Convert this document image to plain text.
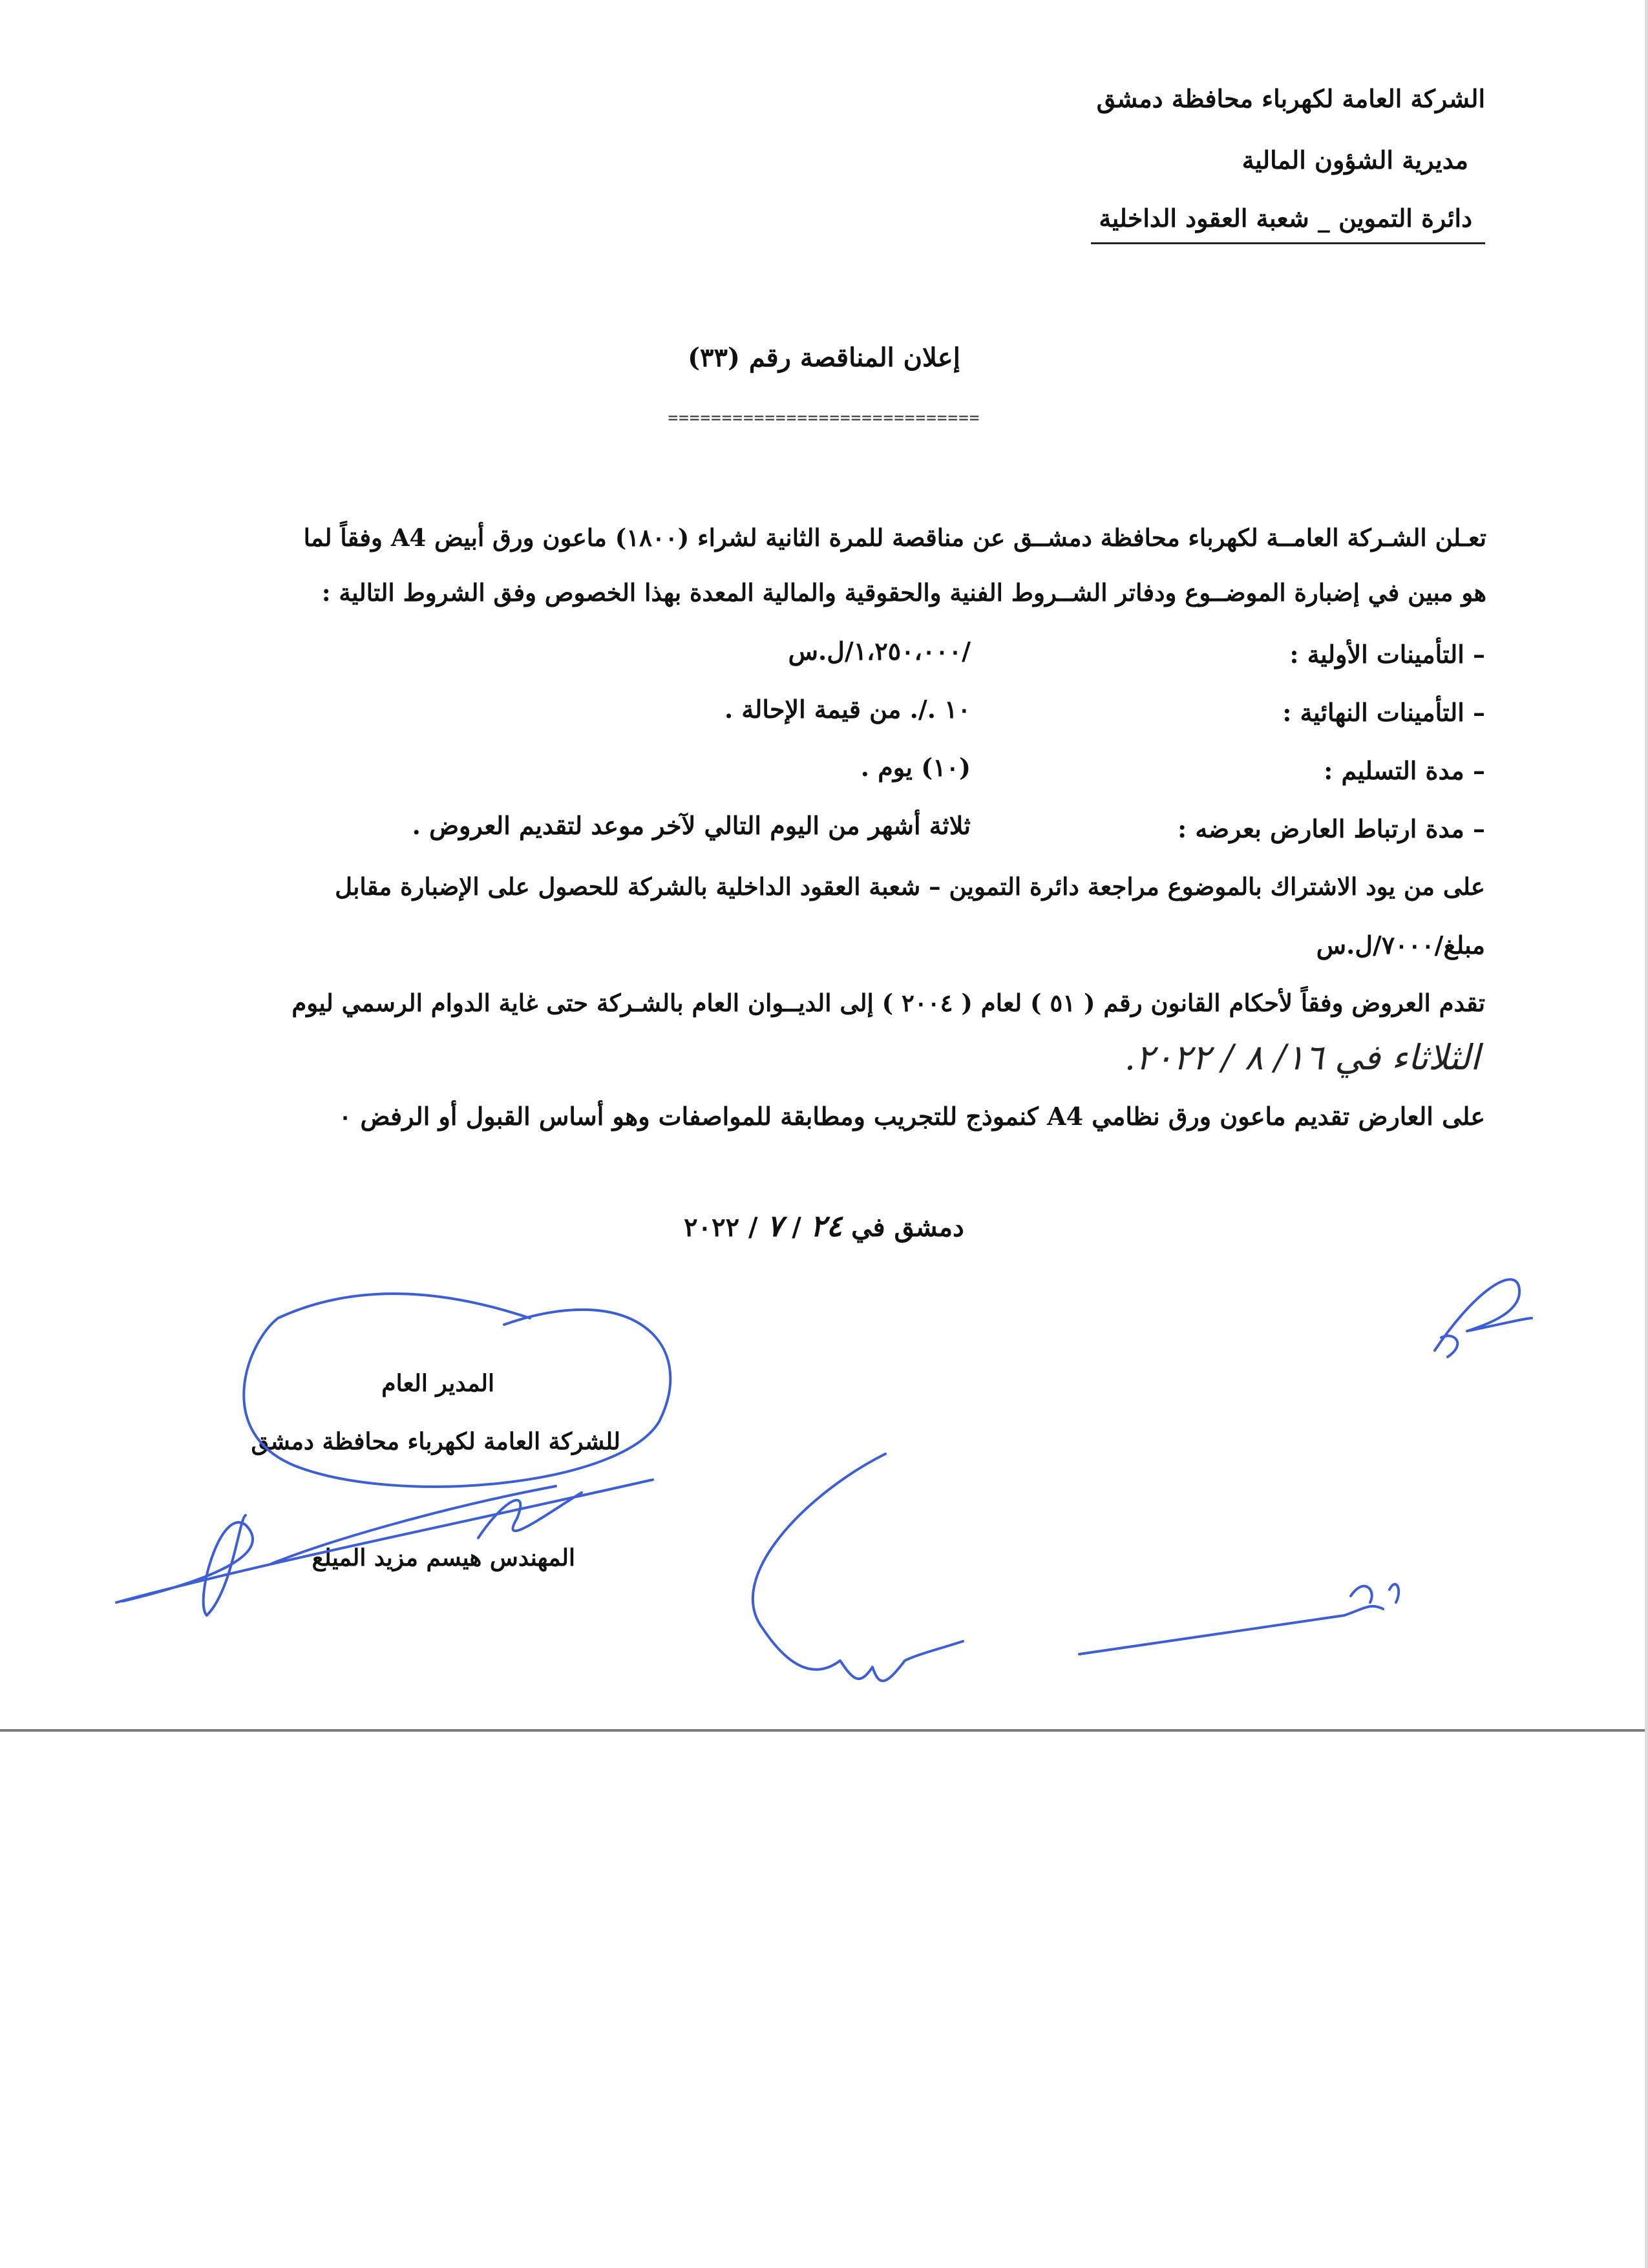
الشركة العامة لكهرباء محافظة دمشق
مديرية الشؤون المالية
دائرة التموين _ شعبة العقود الداخلية
إعلان المناقصة رقم (٣٣)
=============================
تعـلن الشـركة العامــة لكهرباء محافظة دمشــق عن مناقصة للمرة الثانية لشراء (١٨٠٠) ماعون ورق أبيض A4 وفقاً لما
هو مبين في إضبارة الموضــوع ودفاتر الشــروط الفنية والحقوقية والمالية المعدة بهذا الخصوص وفق الشروط التالية :
– التأمينات الأولية :
/١،٢٥٠،٠٠٠/ل.س
– التأمينات النهائية :
١٠ ./. من قيمة الإحالة .
– مدة التسليم :
(١٠) يوم .
– مدة ارتباط العارض بعرضه :
ثلاثة أشهر من اليوم التالي لآخر موعد لتقديم العروض .
على من يود الاشتراك بالموضوع مراجعة دائرة التموين – شعبة العقود الداخلية بالشركة للحصول على الإضبارة مقابل
مبلغ/٧٠٠٠/ل.س
تقدم العروض وفقاً لأحكام القانون رقم ( ٥١ ) لعام ( ٢٠٠٤ ) إلى الديــوان العام بالشـركة حتى غاية الدوام الرسمي ليوم
الثلاثاء في ١٦/ ٨ / ٢٠٢٢.
على العارض تقديم ماعون ورق نظامي A4 كنموذج للتجريب ومطابقة للمواصفات وهو أساس القبول أو الرفض ٠
دمشق في ٢٤ / ٧ / ٢٠٢٢
المدير العام
للشركة العامة لكهرباء محافظة دمشق
المهندس هيسم مزيد الميلع
